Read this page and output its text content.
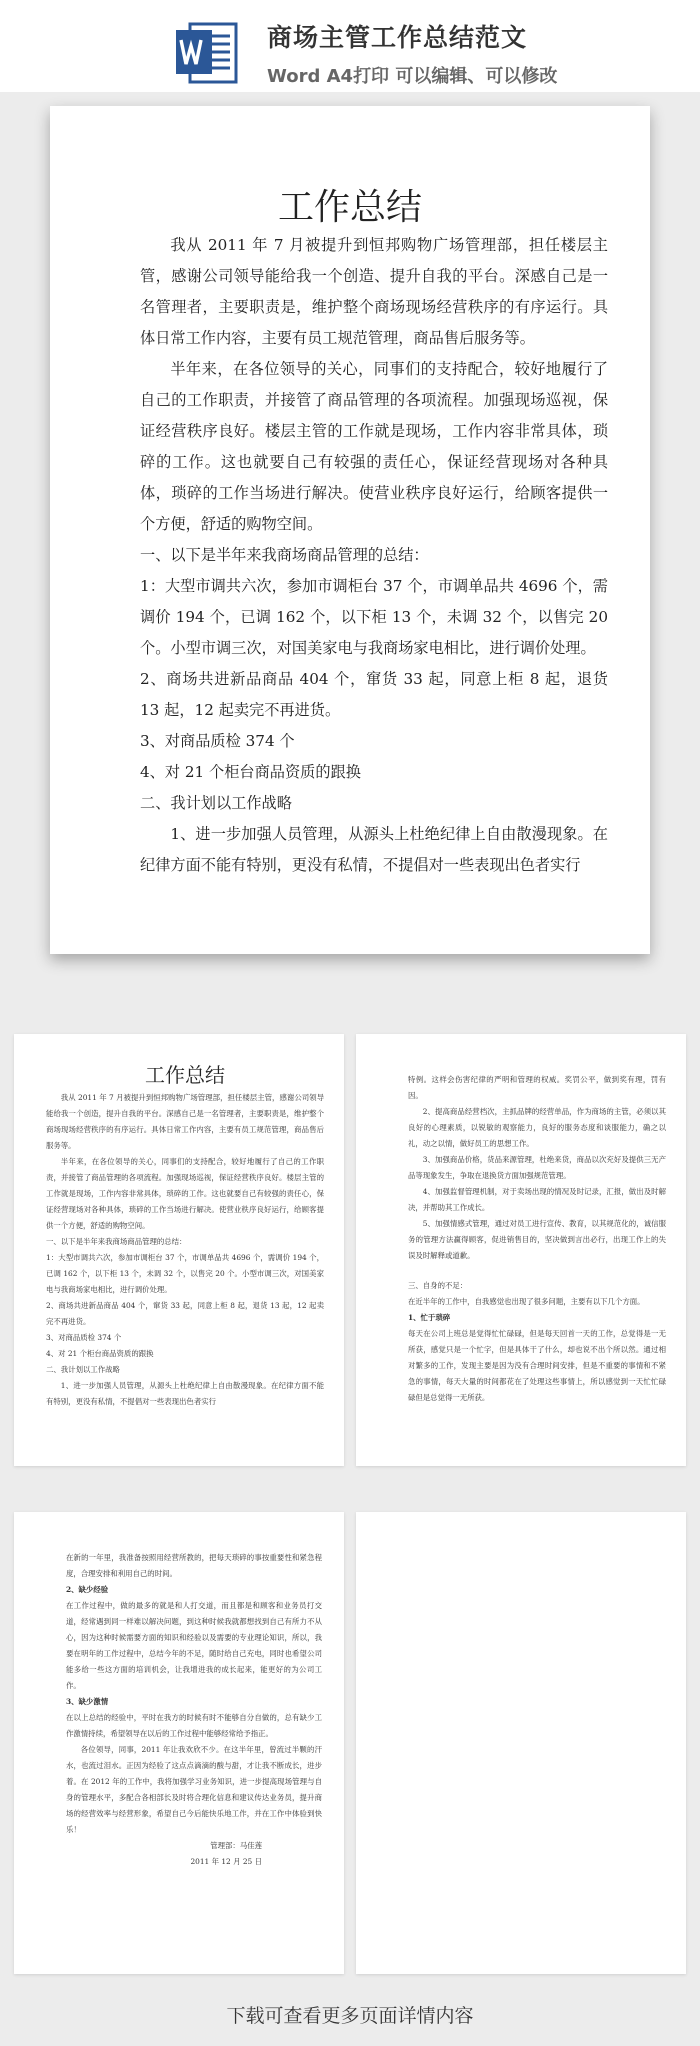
商场主管工作总结范文
Word A4打印 可以编辑、可以修改
工作总结

我从 2011 年 7 月被提升到恒邦购物广场管理部，担任楼层主管，感谢公司领导能给我一个创造、提升自我的平台。深感自己是一名管理者，主要职责是，维护整个商场现场经营秩序的有序运行。具体日常工作内容，主要有员工规范管理，商品售后服务等。

半年来，在各位领导的关心，同事们的支持配合，较好地履行了自己的工作职责，并接管了商品管理的各项流程。加强现场巡视，保证经营秩序良好。楼层主管的工作就是现场，工作内容非常具体，琐碎的工作。这也就要自己有较强的责任心，保证经营现场对各种具体，琐碎的工作当场进行解决。使营业秩序良好运行，给顾客提供一个方便，舒适的购物空间。

一、以下是半年来我商场商品管理的总结：

1：大型市调共六次，参加市调柜台 37 个，市调单品共 4696 个，需调价 194 个，已调 162 个，以下柜 13 个，未调 32 个，以售完 20 个。小型市调三次，对国美家电与我商场家电相比，进行调价处理。

2、商场共进新品商品 404 个，窜货 33 起，同意上柜 8 起，退货 13 起，12 起卖完不再进货。

3、对商品质检 374 个

4、对 21 个柜台商品资质的跟换

二、我计划以工作战略

1、进一步加强人员管理，从源头上杜绝纪律上自由散漫现象。在纪律方面不能有特别，更没有私情，不提倡对一些表现出色者实行

工作总结

我从 2011 年 7 月被提升到恒邦购物广场管理部，担任楼层主管，感谢公司领导能给我一个创造，提升自我的平台。深感自己是一名管理者，主要职责是，维护整个商场现场经营秩序的有序运行。具体日常工作内容，主要有员工规范管理，商品售后服务等。

半年来，在各位领导的关心，同事们的支持配合，较好地履行了自己的工作职责，并接管了商品管理的各项流程。加强现场巡视，保证经营秩序良好。楼层主管的工作就是现场，工作内容非常具体，琐碎的工作。这也就要自己有较强的责任心，保证经营现场对各种具体，琐碎的工作当场进行解决。使营业秩序良好运行，给顾客提供一个方便，舒适的购物空间。

一、以下是半年来我商场商品管理的总结：

1：大型市调共六次，参加市调柜台 37 个，市调单品共 4696 个，需调价 194 个，已调 162 个，以下柜 13 个，未调 32 个，以售完 20 个。小型市调三次，对国美家电与我商场家电相比，进行调价处理。

2、商场共进新品商品 404 个，窜货 33 起，同意上柜 8 起，退货 13 起，12 起卖完不再进货。

3、对商品质检 374 个

4、对 21 个柜台商品资质的跟换

二、我计划以工作战略

1、进一步加强人员管理，从源头上杜绝纪律上自由散漫现象。在纪律方面不能有特别，更没有私情，不提倡对一些表现出色者实行

特例。这样会伤害纪律的严明和管理的权威。奖罚公平，做到奖有理，罚有因。

2、提高商品经营档次，主抓品牌的经营单品，作为商场的主管，必须以其良好的心理素质，以锐敏的观察能力，良好的服务态度和谈服能力，确之以礼，动之以情，做好员工的思想工作。

3、加强商品价格，货品来源管理，杜绝来货，商品以次充好及提供三无产品等现象发生，争取在退换货方面加强规范管理。

4、加强监督管理机制，对于卖场出现的情况及时记录，汇报，做出及时解决，并帮助其工作成长。

5、加强情感式管理，通过对员工进行宣传、教育，以其规范化的，诚信服务的管理方法赢得顾客，促进销售目的，坚决做到言出必行，出现工作上的失误及时解释或道歉。

三、自身的不足：

在近半年的工作中，自我感觉也出现了很多问题，主要有以下几个方面。

1、忙于琐碎

每天在公司上班总是觉得忙忙碌碌，但是每天回首一天的工作，总觉得是一无所获，感觉只是一个忙字，但是具体干了什么，却也说不出个所以然。通过相对繁多的工作，发现主要是因为没有合理时间安排，但是不重要的事情和不紧急的事情，每天大量的时间都花在了处理这些事情上，所以感觉到一天忙忙碌碌但是总觉得一无所获。

在新的一年里，我准备按照用经营所教的，把每天琐碎的事按重要性和紧急程度，合理安排和利用自己的时间。

2、缺少经验

在工作过程中，做的最多的就是和人打交道，而且都是和顾客和业务员打交道，经常遇到同一样难以解决问题，到这种时候我就都想找到自己有所力不从心，因为这种时候需要方面的知识和经验以及需要的专业理论知识，所以，我要在明年的工作过程中，总结今年的不足，随时给自己充电，同时也希望公司能多给一些这方面的培训机会，让我增进我的成长起来，能更好的为公司工作。

3、缺少激情

在以上总结的经验中，平时在我方的时候有时不能够自分自做的，总有缺少工作激情持续，希望领导在以后的工作过程中能够经常给予指正。

各位领导，同事，2011 年让我欢欣不少。在这半年里，曾流过半颗的汗水，也流过泪水。正因为经验了这点点滴滴的酸与甜，才让我不断成长，进步着。在 2012 年的工作中，我将加强学习业务知识，进一步提高现场管理与自身的管理水平，多配合各相部长及时将合理化信息和建议传达业务员，提升商场的经营效率与经营形象，希望自己今后能快乐地工作，并在工作中体验到快乐！

管理部：马佳莲

2011 年 12 月 25 日

下载可查看更多页面详情内容
